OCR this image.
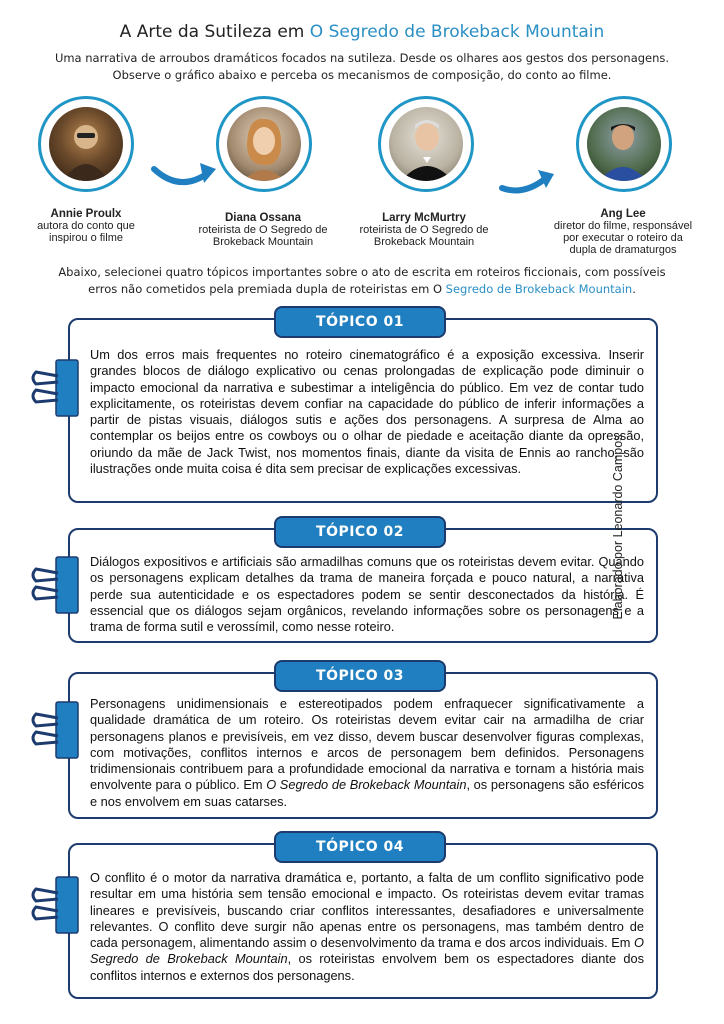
A Arte da Sutileza em O Segredo de Brokeback Mountain
Uma narrativa de arroubos dramáticos focados na sutileza. Desde os olhares aos gestos dos personagens.
Observe o gráfico abaixo e perceba os mecanismos de composição, do conto ao filme.
Annie Proulx
autora do conto que
inspirou o filme
Diana Ossana
roteirista de O Segredo de
Brokeback Mountain
Larry McMurtry
roteirista de O Segredo de
Brokeback Mountain
Ang Lee
diretor do filme, responsável
por executar o roteiro da
dupla de dramaturgos
Abaixo, selecionei quatro tópicos importantes sobre o ato de escrita em roteiros ficcionais, com possíveis
erros não cometidos pela premiada dupla de roteiristas em O Segredo de Brokeback Mountain.
TÓPICO 01
Um dos erros mais frequentes no roteiro cinematográfico é a exposição excessiva. Inserir grandes blocos de diálogo explicativo ou cenas prolongadas de explicação pode diminuir o impacto emocional da narrativa e subestimar a inteligência do público. Em vez de contar tudo explicitamente, os roteiristas devem confiar na capacidade do público de inferir informações a partir de pistas visuais, diálogos sutis e ações dos personagens. A surpresa de Alma ao contemplar os beijos entre os cowboys ou o olhar de piedade e aceitação diante da opressão, oriundo da mãe de Jack Twist, nos momentos finais, diante da visita de Ennis ao rancho, são ilustrações onde muita coisa é dita sem precisar de explicações excessivas.
TÓPICO 02
Diálogos expositivos e artificiais são armadilhas comuns que os roteiristas devem evitar. Quando os personagens explicam detalhes da trama de maneira forçada e pouco natural, a narrativa perde sua autenticidade e os espectadores podem se sentir desconectados da história. É essencial que os diálogos sejam orgânicos, revelando informações sobre os personagens e a trama de forma sutil e verossímil, como nesse roteiro.
TÓPICO 03
Personagens unidimensionais e estereotipados podem enfraquecer significativamente a qualidade dramática de um roteiro. Os roteiristas devem evitar cair na armadilha de criar personagens planos e previsíveis, em vez disso, devem buscar desenvolver figuras complexas, com motivações, conflitos internos e arcos de personagem bem definidos. Personagens tridimensionais contribuem para a profundidade emocional da narrativa e tornam a história mais envolvente para o público. Em O Segredo de Brokeback Mountain, os personagens são esféricos e nos envolvem em suas catarses.
TÓPICO 04
O conflito é o motor da narrativa dramática e, portanto, a falta de um conflito significativo pode resultar em uma história sem tensão emocional e impacto. Os roteiristas devem evitar tramas lineares e previsíveis, buscando criar conflitos interessantes, desafiadores e universalmente relevantes. O conflito deve surgir não apenas entre os personagens, mas também dentro de cada personagem, alimentando assim o desenvolvimento da trama e dos arcos individuais. Em O Segredo de Brokeback Mountain, os roteiristas envolvem bem os espectadores diante dos conflitos internos e externos dos personagens.
Elaborado por Leonardo Campos
